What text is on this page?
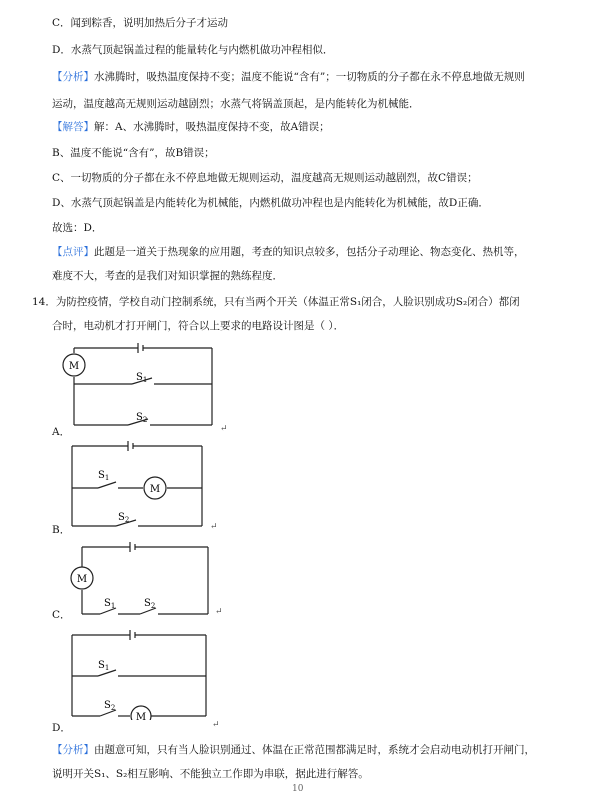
C．闻到粽香，说明加热后分子才运动
D．水蒸气顶起锅盖过程的能量转化与内燃机做功冲程相似．
【分析】水沸腾时，吸热温度保持不变；温度不能说“含有”；一切物质的分子都在永不停息地做无规则
运动，温度越高无规则运动越剧烈；水蒸气将锅盖顶起，是内能转化为机械能．
【解答】解：A、水沸腾时，吸热温度保持不变，故A错误；
B、温度不能说“含有”，故B错误；
C、一切物质的分子都在永不停息地做无规则运动，温度越高无规则运动越剧烈，故C错误；
D、水蒸气顶起锅盖是内能转化为机械能，内燃机做功冲程也是内能转化为机械能，故D正确．
故选：D．
【点评】此题是一道关于热现象的应用题，考查的知识点较多，包括分子动理论、物态变化、热机等，
难度不大，考查的是我们对知识掌握的熟练程度．
14．为防控疫情，学校自动门控制系统，只有当两个开关（体温正常S₁闭合，人脸识别成功S₂闭合）都闭
合时，电动机才打开闸门，符合以上要求的电路设计图是（ ）．
M
$S_1$
$S_2$
A．	↵
M
$S_1$
$S_2$
B．	↵
M
$S_1$	$S_2$
C．	↵
M
$S_1$
$S_2$
D．	↵
【分析】由题意可知，只有当人脸识别通过、体温在正常范围都满足时，系统才会启动电动机打开闸门，
说明开关S₁、S₂相互影响、不能独立工作即为串联，据此进行解答。
10
